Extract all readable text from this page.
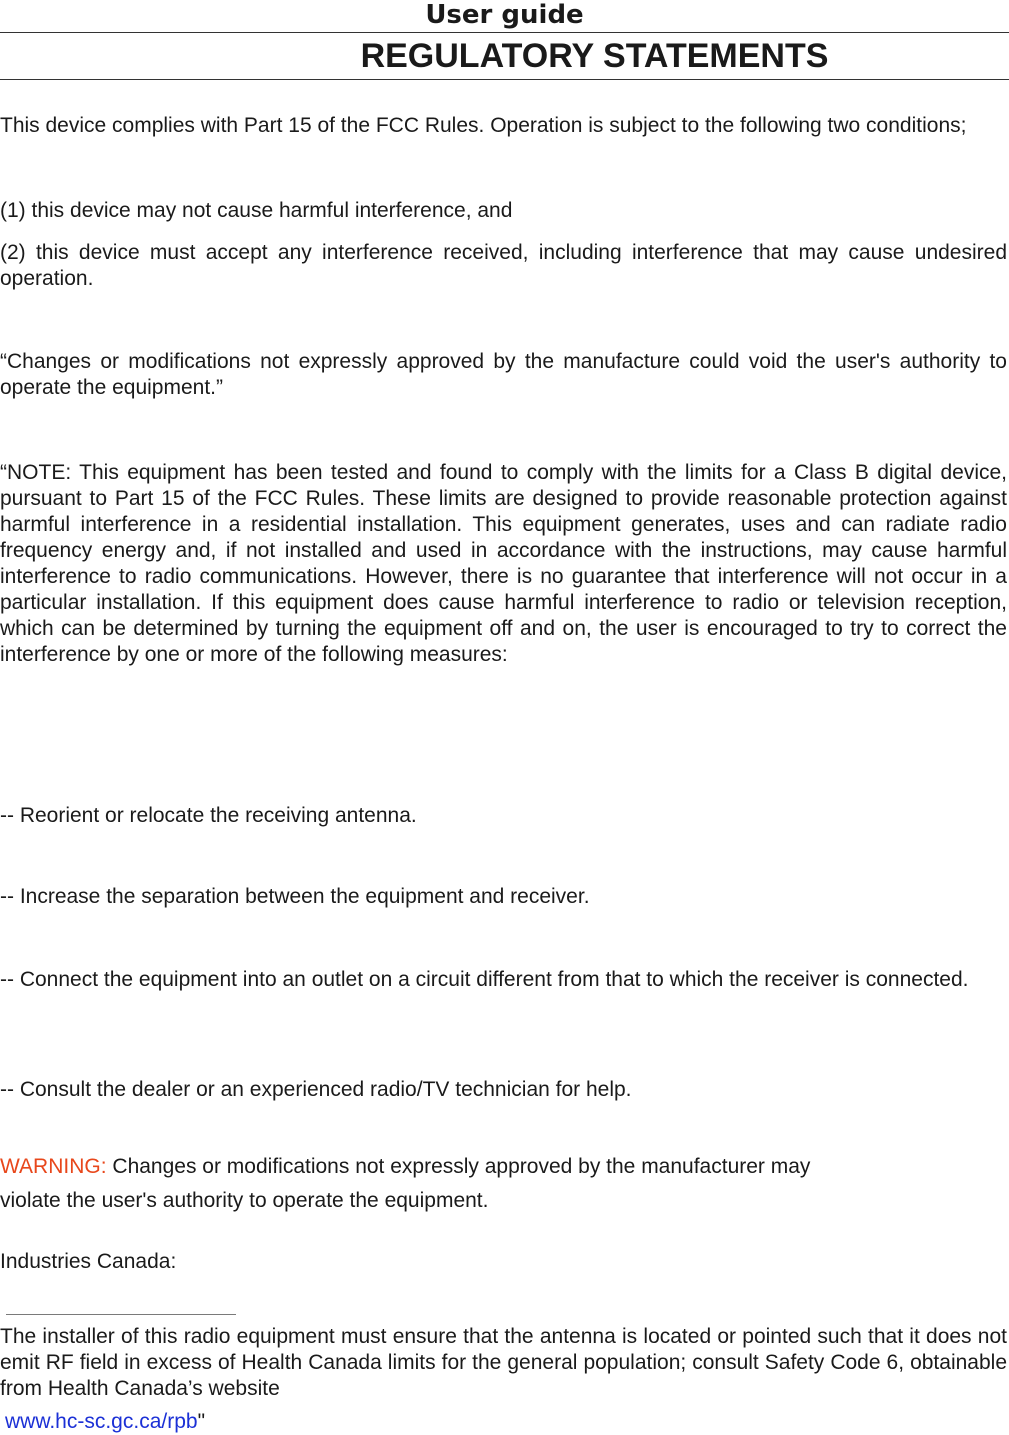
User guide
REGULATORY STATEMENTS

This device complies with Part 15 of the FCC Rules. Operation is subject to the following two conditions;

(1) this device may not cause harmful interference, and

(2) this device must accept any interference received, including interference that may cause undesired operation.

“Changes or modifications not expressly approved by the manufacture could void the user's authority to operate the equipment.”

“NOTE: This equipment has been tested and found to comply with the limits for a Class B digital device, pursuant to Part 15 of the FCC Rules. These limits are designed to provide reasonable protection against harmful interference in a residential installation. This equipment generates, uses and can radiate radio frequency energy and, if not installed and used in accordance with the instructions, may cause harmful interference to radio communications. However, there is no guarantee that interference will not occur in a particular installation. If this equipment does cause harmful interference to radio or television reception, which can be determined by turning the equipment off and on, the user is encouraged to try to correct the interference by one or more of the following measures:

-- Reorient or relocate the receiving antenna.

-- Increase the separation between the equipment and receiver.

-- Connect the equipment into an outlet on a circuit different from that to which the receiver is connected.

-- Consult the dealer or an experienced radio/TV technician for help.

WARNING: Changes or modifications not expressly approved by the manufacturer may
violate the user's authority to operate the equipment.

Industries Canada:

The installer of this radio equipment must ensure that the antenna is located or pointed such that it does not emit RF field in excess of Health Canada limits for the general population; consult Safety Code 6, obtainable from Health Canada’s website

www.hc-sc.gc.ca/rpb"
